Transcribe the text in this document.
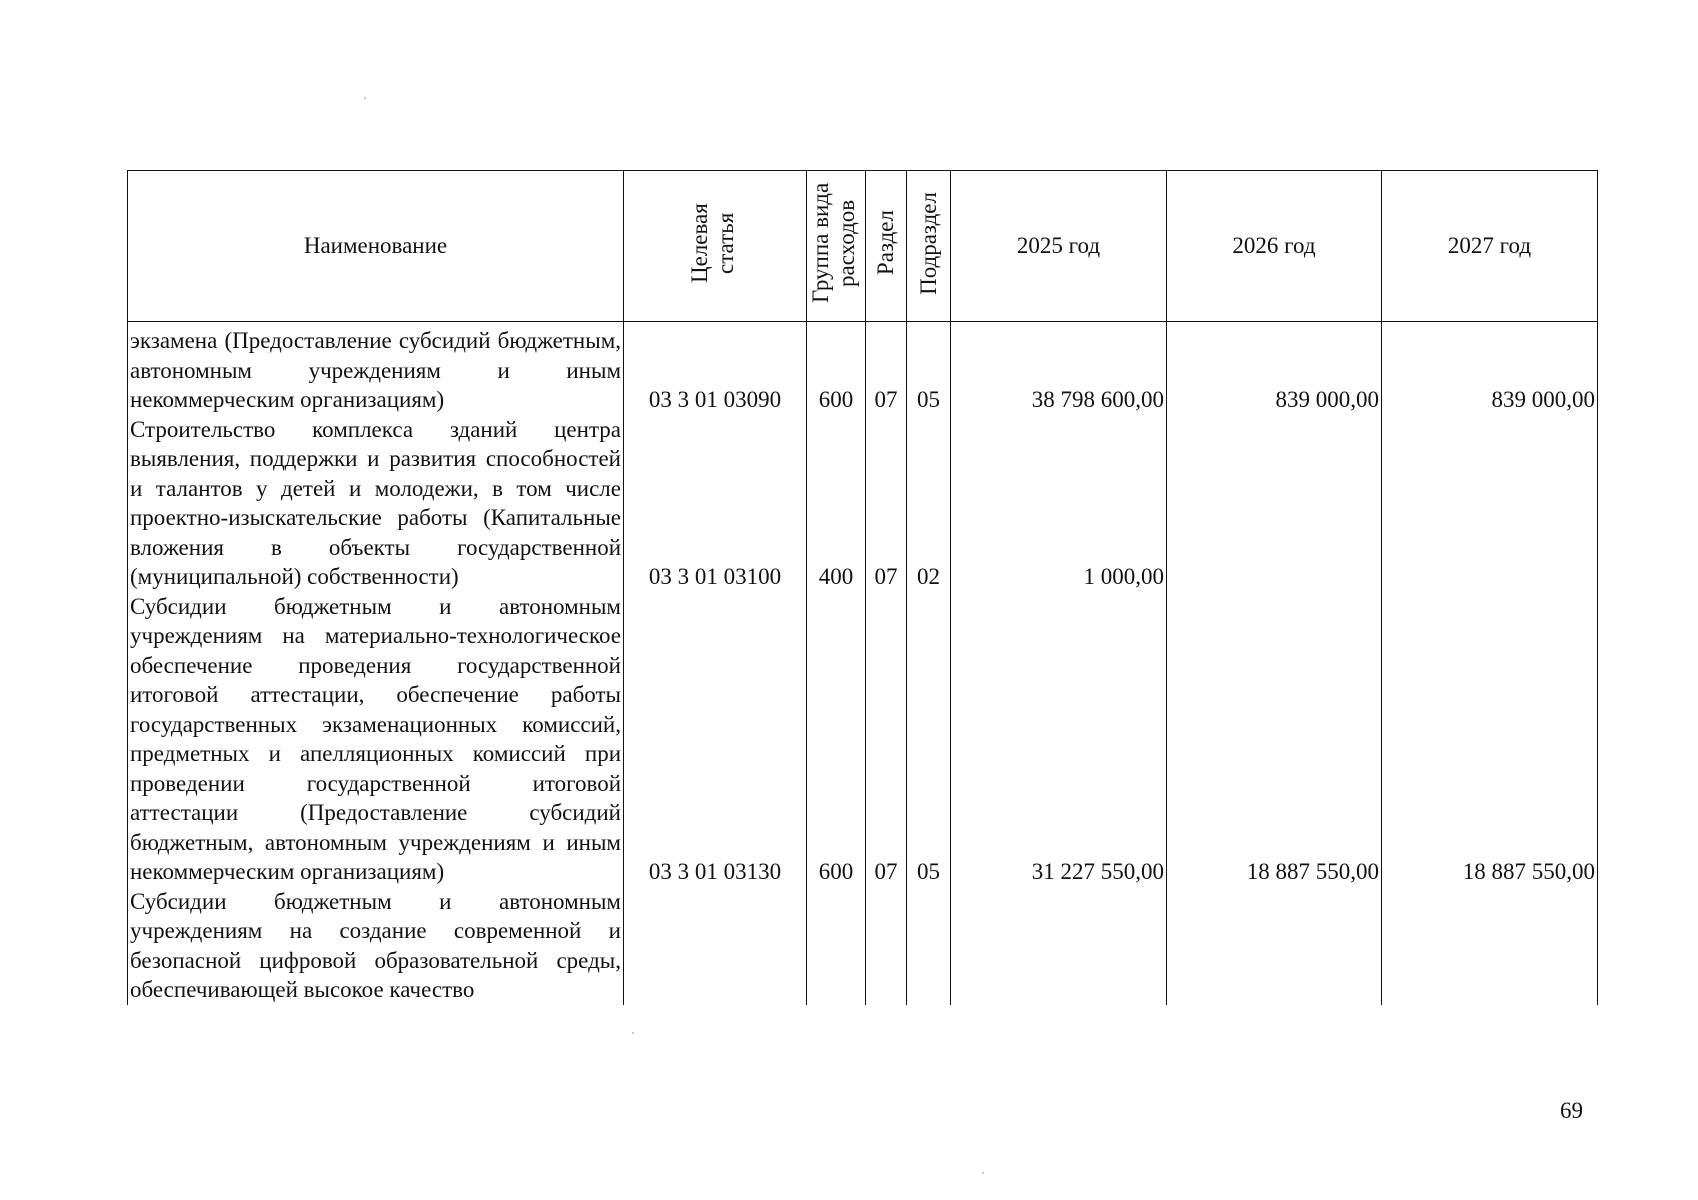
Наименование	Целевая статья	Группа вида расходов	Раздел	Подраздел	2025 год	2026 год	2027 год
экзамена (Предоставление субсидий бюджетным, автономным учреждениям и иным некоммерческим организациям)	03 3 01 03090	600	07	05	38 798 600,00	839 000,00	839 000,00
Строительство комплекса зданий центра выявления, поддержки и развития способностей и талантов у детей и молодежи, в том числе проектно-изыскательские работы (Капитальные вложения в объекты государственной (муниципальной) собственности)	03 3 01 03100	400	07	02	1 000,00		
Субсидии бюджетным и автономным учреждениям на материально-технологическое обеспечение проведения государственной итоговой аттестации, обеспечение работы государственных экзаменационных комиссий, предметных и апелляционных комиссий при проведении государственной итоговой аттестации (Предоставление субсидий бюджетным, автономным учреждениям и иным некоммерческим организациям)	03 3 01 03130	600	07	05	31 227 550,00	18 887 550,00	18 887 550,00
Субсидии бюджетным и автономным учреждениям на создание современной и безопасной цифровой образовательной среды, обеспечивающей высокое качество							
69
